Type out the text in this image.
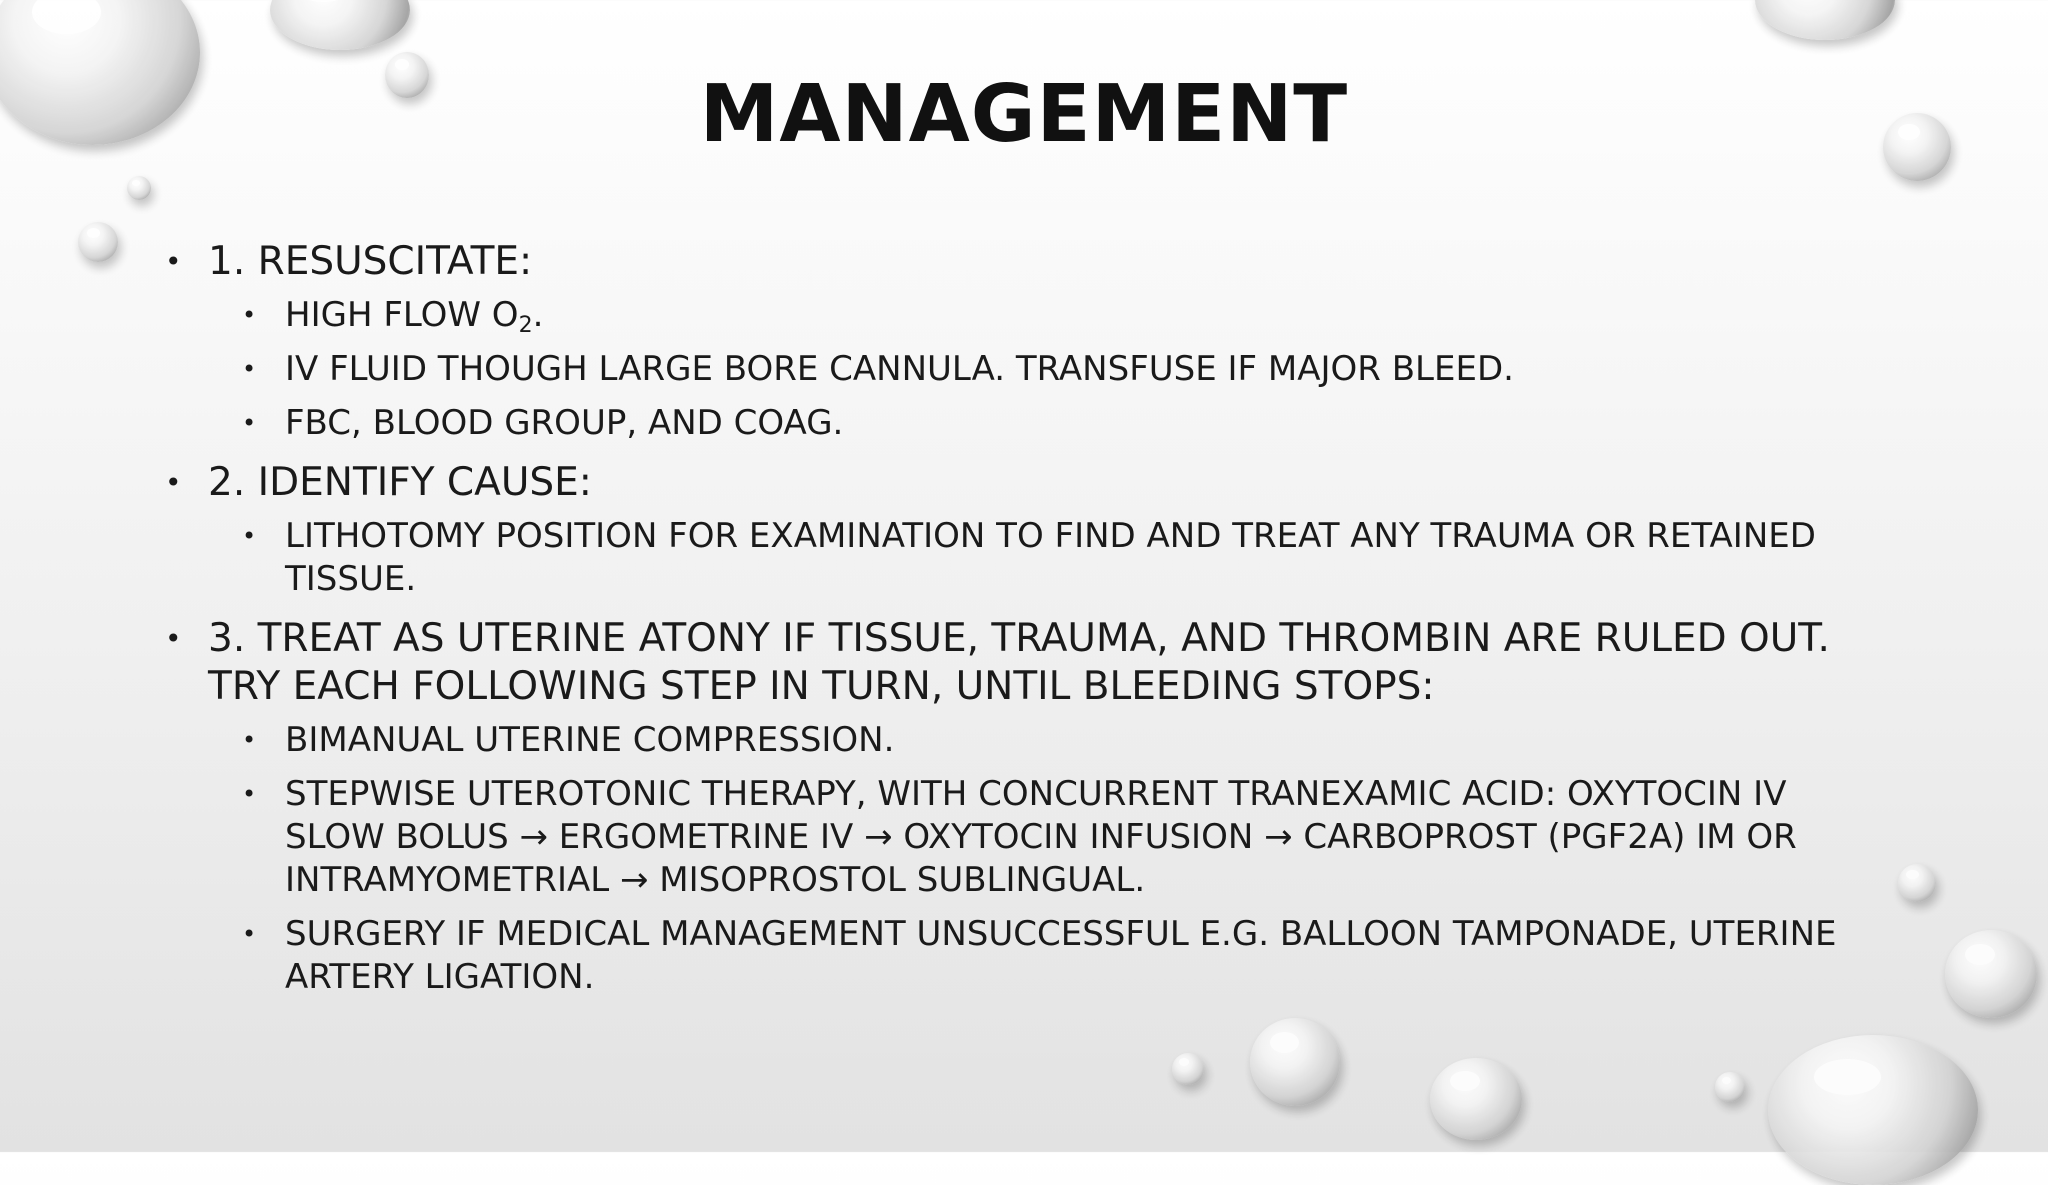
MANAGEMENT
• 1. RESUSCITATE:
• HIGH FLOW $O_2$.
• IV FLUID THOUGH LARGE BORE CANNULA. TRANSFUSE IF MAJOR BLEED.
• FBC, BLOOD GROUP, AND COAG.
• 2. IDENTIFY CAUSE:
• LITHOTOMY POSITION FOR EXAMINATION TO FIND AND TREAT ANY TRAUMA OR RETAINED TISSUE.
• 3. TREAT AS UTERINE ATONY IF TISSUE, TRAUMA, AND THROMBIN ARE RULED OUT. TRY EACH FOLLOWING STEP IN TURN, UNTIL BLEEDING STOPS:
• BIMANUAL UTERINE COMPRESSION.
• STEPWISE UTEROTONIC THERAPY, WITH CONCURRENT TRANEXAMIC ACID: OXYTOCIN IV SLOW BOLUS → ERGOMETRINE IV → OXYTOCIN INFUSION → CARBOPROST (PGF2A) IM OR INTRAMYOMETRIAL → MISOPROSTOL SUBLINGUAL.
• SURGERY IF MEDICAL MANAGEMENT UNSUCCESSFUL E.G. BALLOON TAMPONADE, UTERINE ARTERY LIGATION.
